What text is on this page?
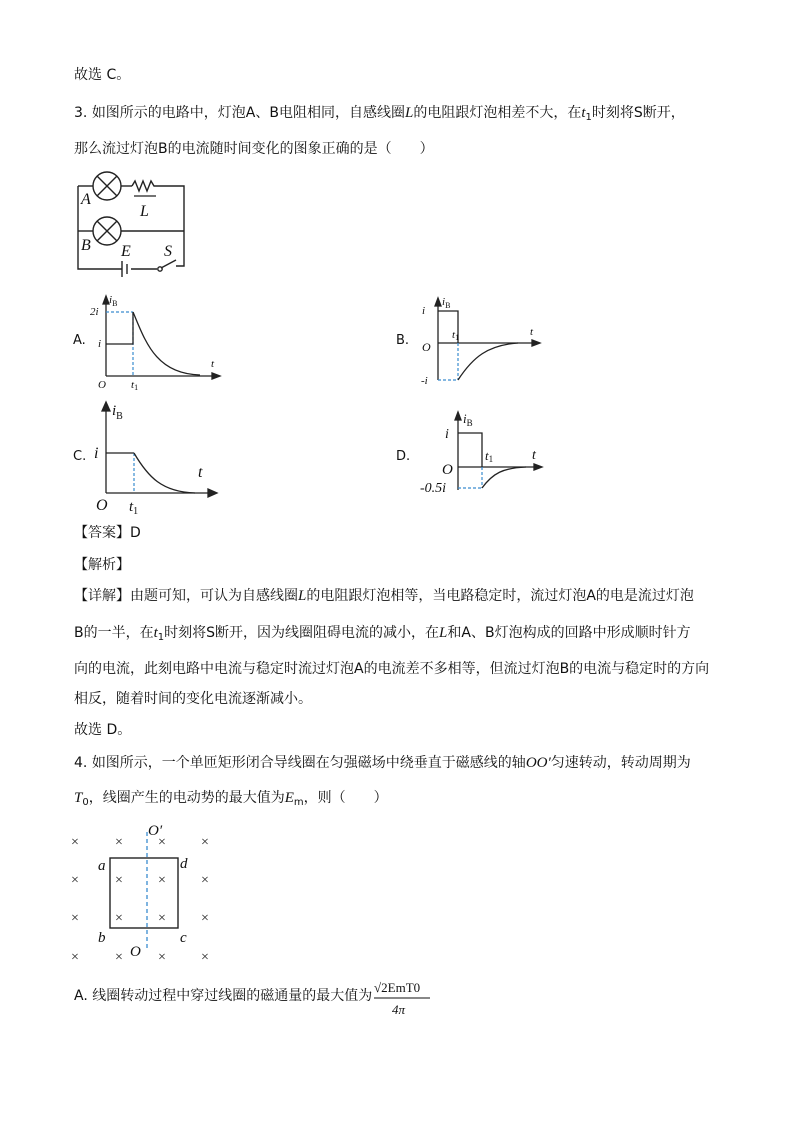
故选 C。
3. 如图所示的电路中，灯泡A、B电阻相同，自感线圈L的电阻跟灯泡相差不大，在$t_1$时刻将S断开，
那么流过灯泡B的电流随时间变化的图象正确的是（　　）
A
L
B E S
A.
$i_B$
2i
i
O
t
t1
B.
$i_B$
i
-i
O
t
t1
C.
$i_B$
i
O
t
$t_1$
D.
$i_B$
i
O
-0.5i
t
t1
【答案】D
【解析】
【详解】由题可知，可认为自感线圈L的电阻跟灯泡相等，当电路稳定时，流过灯泡A的电是流过灯泡
B的一半，在$t_1$时刻将S断开，因为线圈阻碍电流的减小，在L和A、B灯泡构成的回路中形成顺时针方
向的电流，此刻电路中电流与稳定时流过灯泡A的电流差不多相等，但流过灯泡B的电流与稳定时的方向
相反，随着时间的变化电流逐渐减小。
故选 D。
4. 如图所示，一个单匝矩形闭合导线圈在匀强磁场中绕垂直于磁感线的轴OO′匀速转动，转动周期为
$T_0$，线圈产生的电动势的最大值为$E_m$，则（　　）
×	×	×	×
×	×	×	×
×	×	×	×
×	×	×	×
a	d
b	c
O
O′
A. 线圈转动过程中穿过线圈的磁通量的最大值为
√2EmT0
4π
